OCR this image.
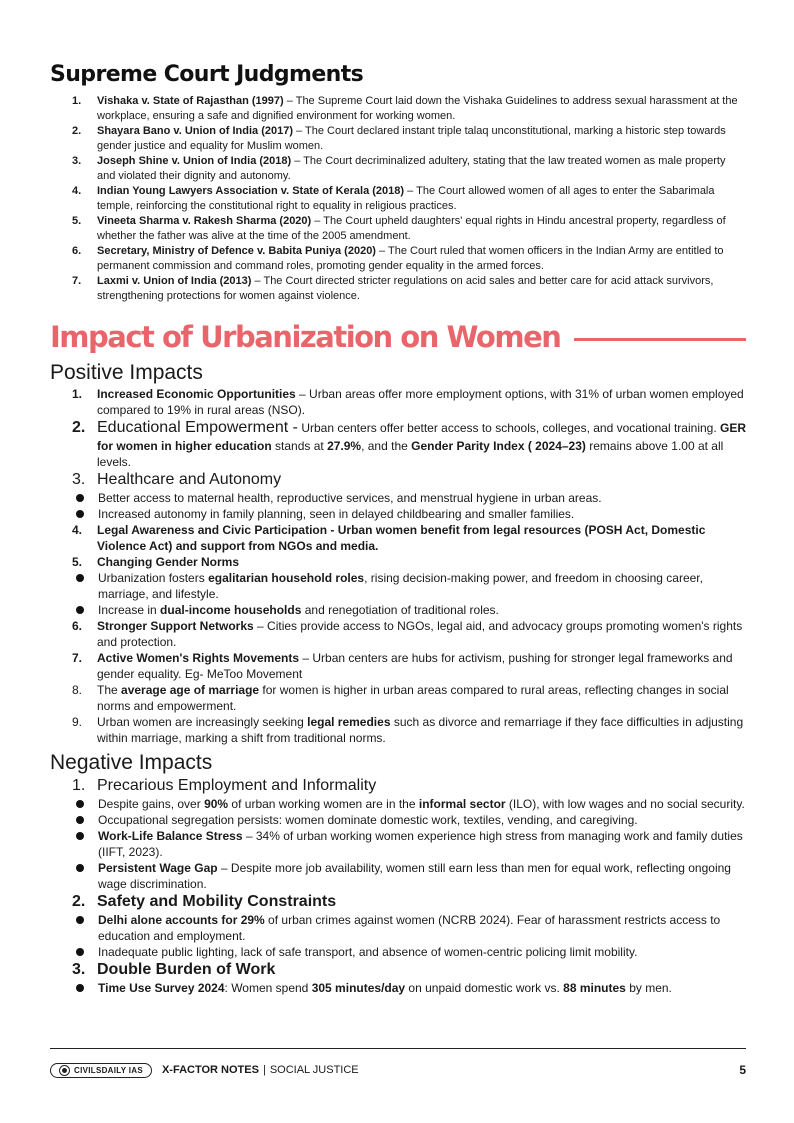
Supreme Court Judgments
1. Vishaka v. State of Rajasthan (1997) – The Supreme Court laid down the Vishaka Guidelines to address sexual harassment at the workplace, ensuring a safe and dignified environment for working women.
2. Shayara Bano v. Union of India (2017) – The Court declared instant triple talaq unconstitutional, marking a historic step towards gender justice and equality for Muslim women.
3. Joseph Shine v. Union of India (2018) – The Court decriminalized adultery, stating that the law treated women as male property and violated their dignity and autonomy.
4. Indian Young Lawyers Association v. State of Kerala (2018) – The Court allowed women of all ages to enter the Sabarimala temple, reinforcing the constitutional right to equality in religious practices.
5. Vineeta Sharma v. Rakesh Sharma (2020) – The Court upheld daughters' equal rights in Hindu ancestral property, regardless of whether the father was alive at the time of the 2005 amendment.
6. Secretary, Ministry of Defence v. Babita Puniya (2020) – The Court ruled that women officers in the Indian Army are entitled to permanent commission and command roles, promoting gender equality in the armed forces.
7. Laxmi v. Union of India (2013) – The Court directed stricter regulations on acid sales and better care for acid attack survivors, strengthening protections for women against violence.
Impact of Urbanization on Women
Positive Impacts
1. Increased Economic Opportunities – Urban areas offer more employment options, with 31% of urban women employed compared to 19% in rural areas (NSO).
2. Educational Empowerment - Urban centers offer better access to schools, colleges, and vocational training. GER for women in higher education stands at 27.9%, and the Gender Parity Index ( 2024–23) remains above 1.00 at all levels.
3. Healthcare and Autonomy
Better access to maternal health, reproductive services, and menstrual hygiene in urban areas.
Increased autonomy in family planning, seen in delayed childbearing and smaller families.
4. Legal Awareness and Civic Participation - Urban women benefit from legal resources (POSH Act, Domestic Violence Act) and support from NGOs and media.
5. Changing Gender Norms
Urbanization fosters egalitarian household roles, rising decision-making power, and freedom in choosing career, marriage, and lifestyle.
Increase in dual-income households and renegotiation of traditional roles.
6. Stronger Support Networks – Cities provide access to NGOs, legal aid, and advocacy groups promoting women's rights and protection.
7. Active Women's Rights Movements – Urban centers are hubs for activism, pushing for stronger legal frameworks and gender equality. Eg- MeToo Movement
8. The average age of marriage for women is higher in urban areas compared to rural areas, reflecting changes in social norms and empowerment.
9. Urban women are increasingly seeking legal remedies such as divorce and remarriage if they face difficulties in adjusting within marriage, marking a shift from traditional norms.
Negative Impacts
1. Precarious Employment and Informality
Despite gains, over 90% of urban working women are in the informal sector (ILO), with low wages and no social security.
Occupational segregation persists: women dominate domestic work, textiles, vending, and caregiving.
Work-Life Balance Stress – 34% of urban working women experience high stress from managing work and family duties (IIFT, 2023).
Persistent Wage Gap – Despite more job availability, women still earn less than men for equal work, reflecting ongoing wage discrimination.
2. Safety and Mobility Constraints
Delhi alone accounts for 29% of urban crimes against women (NCRB 2024). Fear of harassment restricts access to education and employment.
Inadequate public lighting, lack of safe transport, and absence of women-centric policing limit mobility.
3. Double Burden of Work
Time Use Survey 2024: Women spend 305 minutes/day on unpaid domestic work vs. 88 minutes by men.
CIVILSDAILY IAS X-FACTOR NOTES | SOCIAL JUSTICE	5
